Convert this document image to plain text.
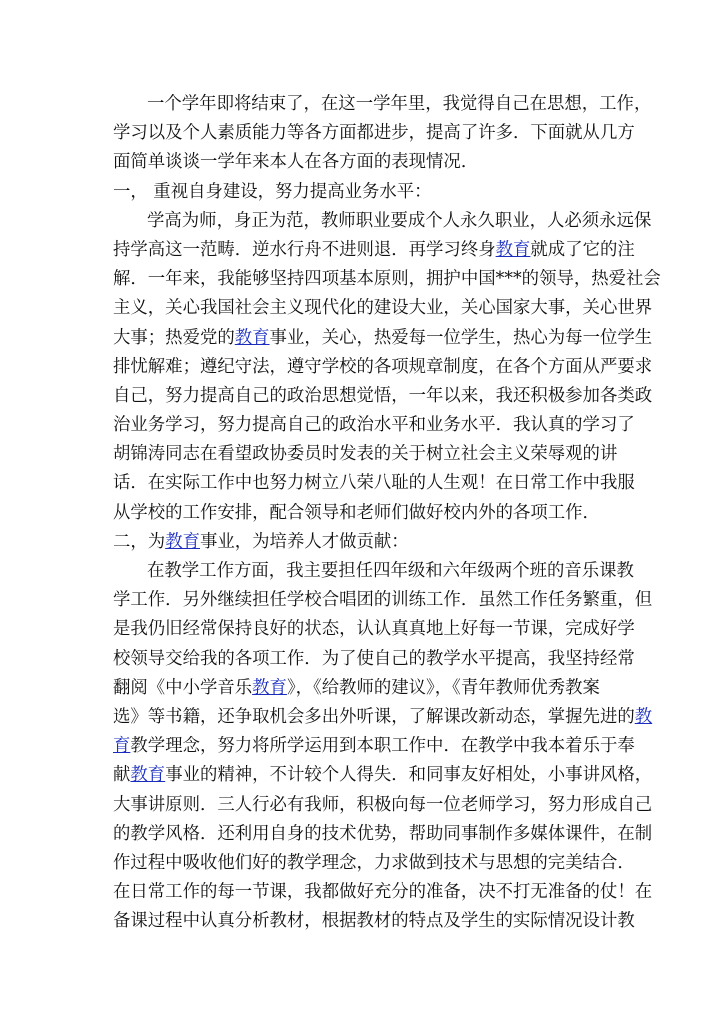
一个学年即将结束了，在这一学年里，我觉得自己在思想，工作，
学习以及个人素质能力等各方面都进步，提高了许多．下面就从几方
面简单谈谈一学年来本人在各方面的表现情况．
一， 重视自身建设，努力提高业务水平：
学高为师，身正为范，教师职业要成个人永久职业，人必须永远保
持学高这一范畴．逆水行舟不进则退．再学习终身教育就成了它的注
解．一年来，我能够坚持四项基本原则，拥护中国***的领导，热爱社会
主义，关心我国社会主义现代化的建设大业，关心国家大事，关心世界
大事；热爱党的教育事业，关心，热爱每一位学生，热心为每一位学生
排忧解难；遵纪守法，遵守学校的各项规章制度，在各个方面从严要求
自己，努力提高自己的政治思想觉悟，一年以来，我还积极参加各类政
治业务学习，努力提高自己的政治水平和业务水平．我认真的学习了
胡锦涛同志在看望政协委员时发表的关于树立社会主义荣辱观的讲
话．在实际工作中也努力树立八荣八耻的人生观！在日常工作中我服
从学校的工作安排，配合领导和老师们做好校内外的各项工作．
二，为教育事业，为培养人才做贡献：
在教学工作方面，我主要担任四年级和六年级两个班的音乐课教
学工作．另外继续担任学校合唱团的训练工作．虽然工作任务繁重，但
是我仍旧经常保持良好的状态，认认真真地上好每一节课，完成好学
校领导交给我的各项工作．为了使自己的教学水平提高，我坚持经常
翻阅《中小学音乐教育》，《给教师的建议》，《青年教师优秀教案
选》等书籍，还争取机会多出外听课，了解课改新动态，掌握先进的教
育教学理念，努力将所学运用到本职工作中．在教学中我本着乐于奉
献教育事业的精神，不计较个人得失．和同事友好相处，小事讲风格，
大事讲原则．三人行必有我师，积极向每一位老师学习，努力形成自己
的教学风格．还利用自身的技术优势，帮助同事制作多媒体课件，在制
作过程中吸收他们好的教学理念，力求做到技术与思想的完美结合．
在日常工作的每一节课，我都做好充分的准备，决不打无准备的仗！在
备课过程中认真分析教材，根据教材的特点及学生的实际情况设计教
